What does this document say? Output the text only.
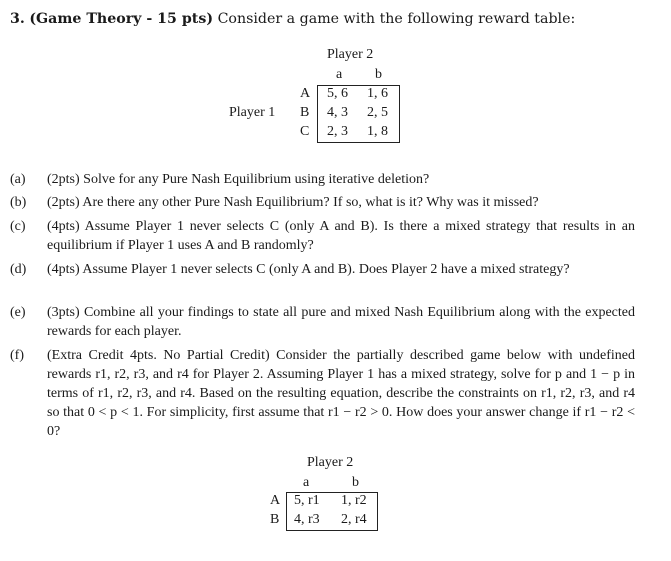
3. (Game Theory - 15 pts) Consider a game with the following reward table:
Player 2
a b
Player 1
A
B
C
5, 6 1, 6
4, 3 2, 5
2, 3 1, 8
(a) (2pts) Solve for any Pure Nash Equilibrium using iterative deletion?
(b) (2pts) Are there any other Pure Nash Equilibrium? If so, what is it? Why was it missed?
(c) (4pts) Assume Player 1 never selects C (only A and B). Is there a mixed strategy that results in an equilibrium if Player 1 uses A and B randomly?
(d) (4pts) Assume Player 1 never selects C (only A and B). Does Player 2 have a mixed strategy?
(e) (3pts) Combine all your findings to state all pure and mixed Nash Equilibrium along with the expected rewards for each player.
(f) (Extra Credit 4pts. No Partial Credit) Consider the partially described game below with undefined rewards r1, r2, r3, and r4 for Player 2. Assuming Player 1 has a mixed strategy, solve for p and 1 − p in terms of r1, r2, r3, and r4. Based on the resulting equation, describe the constraints on r1, r2, r3, and r4 so that 0 < p < 1. For simplicity, first assume that r1 − r2 > 0. How does your answer change if r1 − r2 < 0?
Player 2
a	b
A
B
5, r1 1, r2
4, r3 2, r4
